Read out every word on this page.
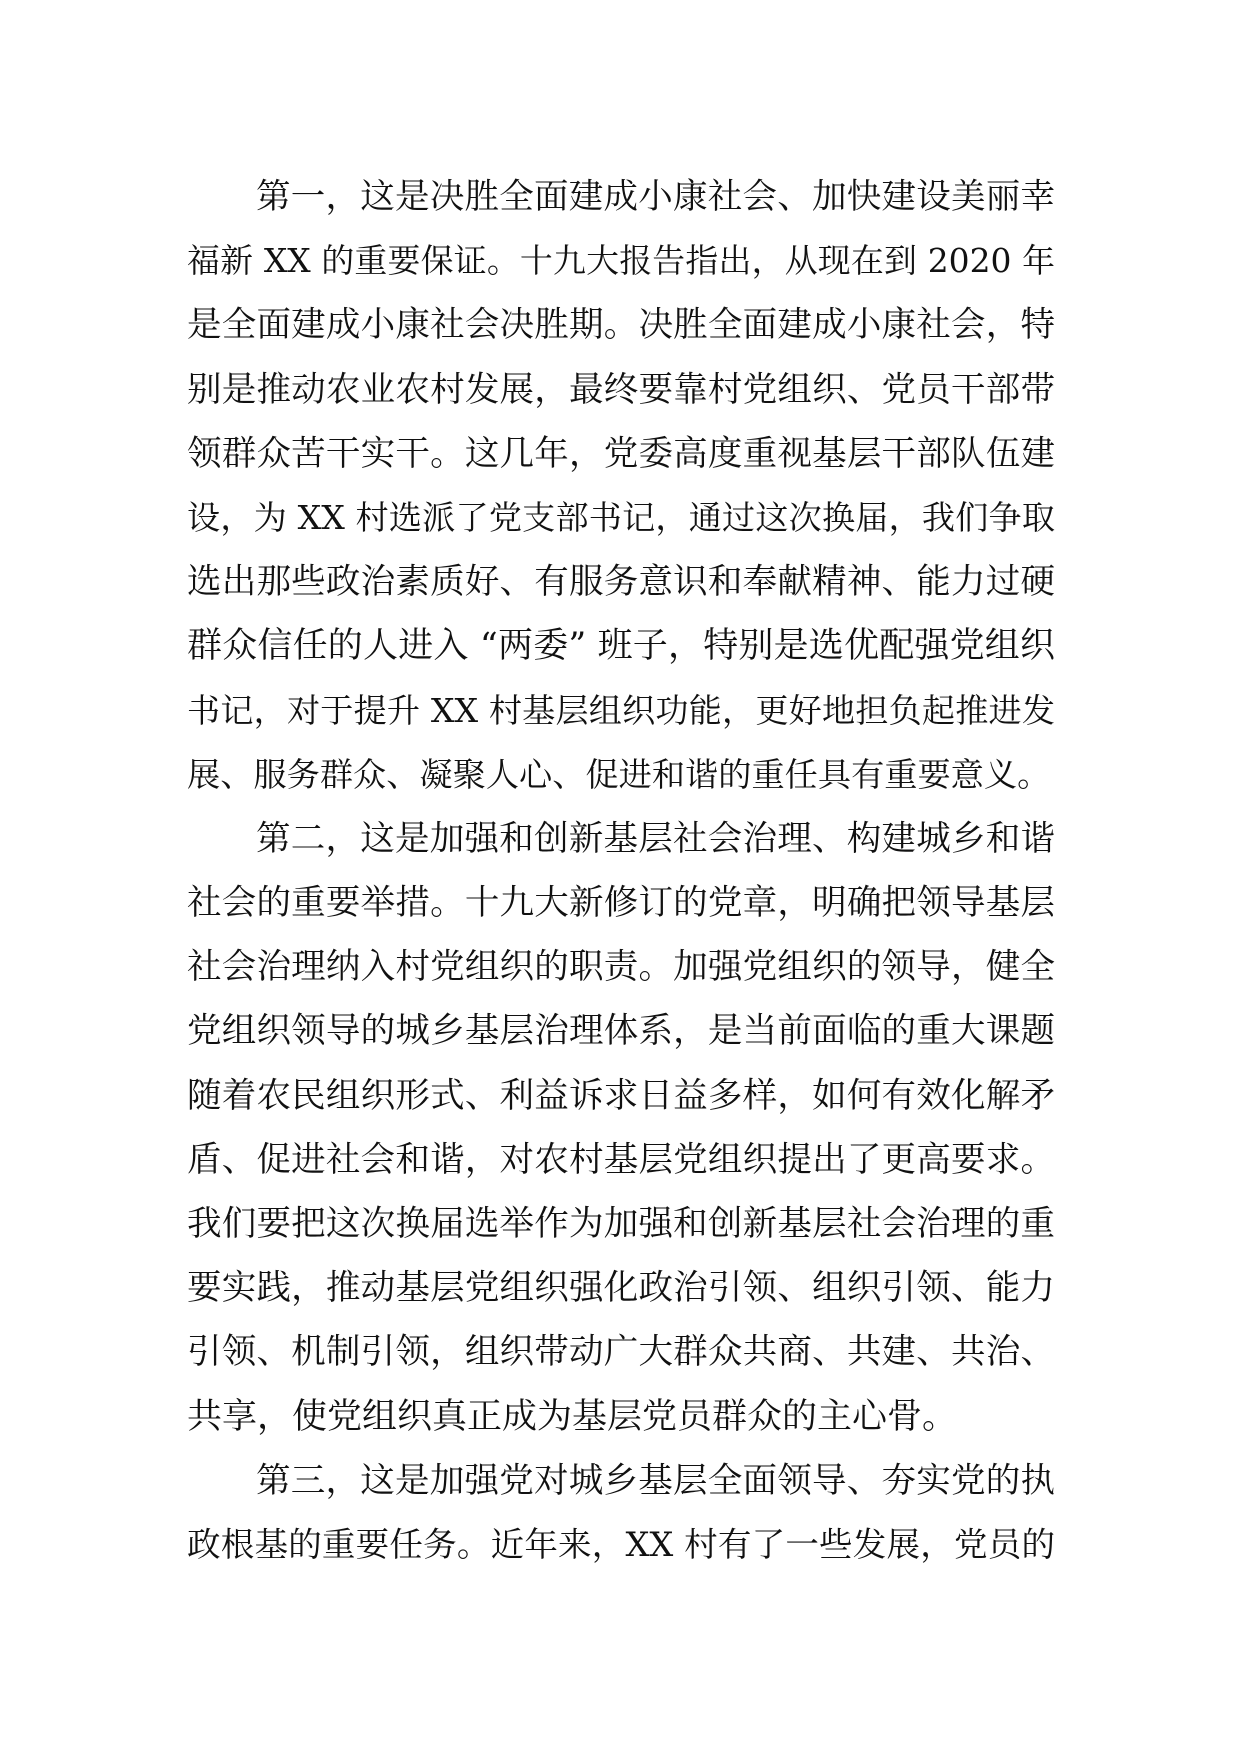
第一，这是决胜全面建成小康社会、加快建设美丽幸
福新 XX 的重要保证。十九大报告指出，从现在到 2020 年
是全面建成小康社会决胜期。决胜全面建成小康社会，特
别是推动农业农村发展，最终要靠村党组织、党员干部带
领群众苦干实干。这几年，党委高度重视基层干部队伍建
设，为 XX 村选派了党支部书记，通过这次换届，我们争取
选出那些政治素质好、有服务意识和奉献精神、能力过硬
群众信任的人进入 “两委” 班子，特别是选优配强党组织
书记，对于提升 XX 村基层组织功能，更好地担负起推进发
展、服务群众、凝聚人心、促进和谐的重任具有重要意义。
第二，这是加强和创新基层社会治理、构建城乡和谐
社会的重要举措。十九大新修订的党章，明确把领导基层
社会治理纳入村党组织的职责。加强党组织的领导，健全
党组织领导的城乡基层治理体系，是当前面临的重大课题
随着农民组织形式、利益诉求日益多样，如何有效化解矛
盾、促进社会和谐，对农村基层党组织提出了更高要求。
我们要把这次换届选举作为加强和创新基层社会治理的重
要实践，推动基层党组织强化政治引领、组织引领、能力
引领、机制引领，组织带动广大群众共商、共建、共治、
共享，使党组织真正成为基层党员群众的主心骨。
第三，这是加强党对城乡基层全面领导、夯实党的执
政根基的重要任务。近年来，XX 村有了一些发展，党员的
